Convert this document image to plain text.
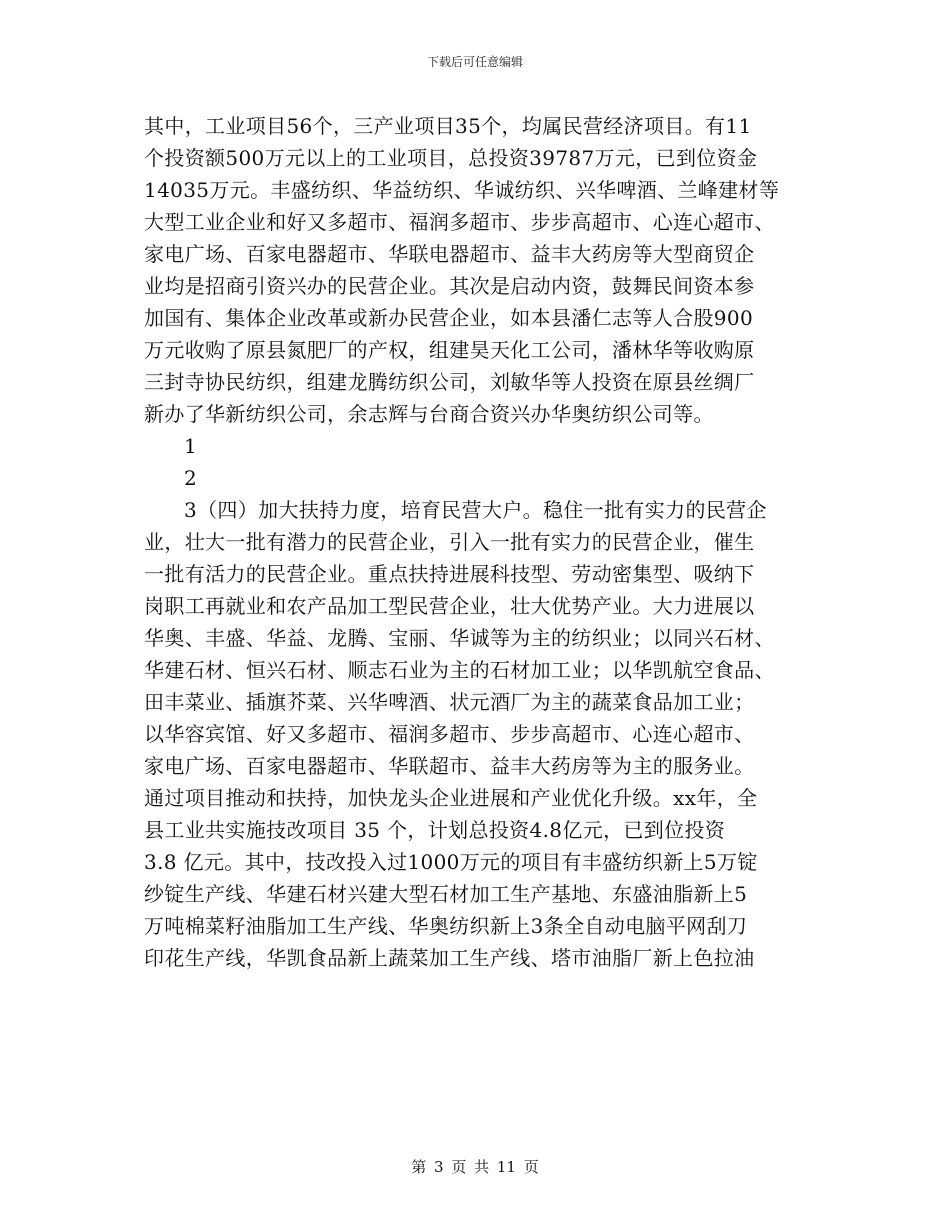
下载后可任意编辑
其中，工业项目56个，三产业项目35个，均属民营经济项目。有11
个投资额500万元以上的工业项目，总投资39787万元，已到位资金
14035万元。丰盛纺织、华益纺织、华诚纺织、兴华啤酒、兰峰建材等
大型工业企业和好又多超市、福润多超市、步步高超市、心连心超市、
家电广场、百家电器超市、华联电器超市、益丰大药房等大型商贸企
业均是招商引资兴办的民营企业。其次是启动内资，鼓舞民间资本参
加国有、集体企业改革或新办民营企业，如本县潘仁志等人合股900
万元收购了原县氮肥厂的产权，组建昊天化工公司，潘林华等收购原
三封寺协民纺织，组建龙腾纺织公司，刘敏华等人投资在原县丝绸厂
新办了华新纺织公司，余志辉与台商合资兴办华奥纺织公司等。
1
2
3（四）加大扶持力度，培育民营大户。稳住一批有实力的民营企
业，壮大一批有潜力的民营企业，引入一批有实力的民营企业，催生
一批有活力的民营企业。重点扶持进展科技型、劳动密集型、吸纳下
岗职工再就业和农产品加工型民营企业，壮大优势产业。大力进展以
华奥、丰盛、华益、龙腾、宝丽、华诚等为主的纺织业；以同兴石材、
华建石材、恒兴石材、顺志石业为主的石材加工业；以华凯航空食品、
田丰菜业、插旗芥菜、兴华啤酒、状元酒厂为主的蔬菜食品加工业；
以华容宾馆、好又多超市、福润多超市、步步高超市、心连心超市、
家电广场、百家电器超市、华联超市、益丰大药房等为主的服务业。
通过项目推动和扶持，加快龙头企业进展和产业优化升级。xx年，全
县工业共实施技改项目 35 个，计划总投资4.8亿元，已到位投资
3.8 亿元。其中，技改投入过1000万元的项目有丰盛纺织新上5万锭
纱锭生产线、华建石材兴建大型石材加工生产基地、东盛油脂新上5
万吨棉菜籽油脂加工生产线、华奥纺织新上3条全自动电脑平网刮刀
印花生产线，华凯食品新上蔬菜加工生产线、塔市油脂厂新上色拉油
第 3 页 共 11 页
